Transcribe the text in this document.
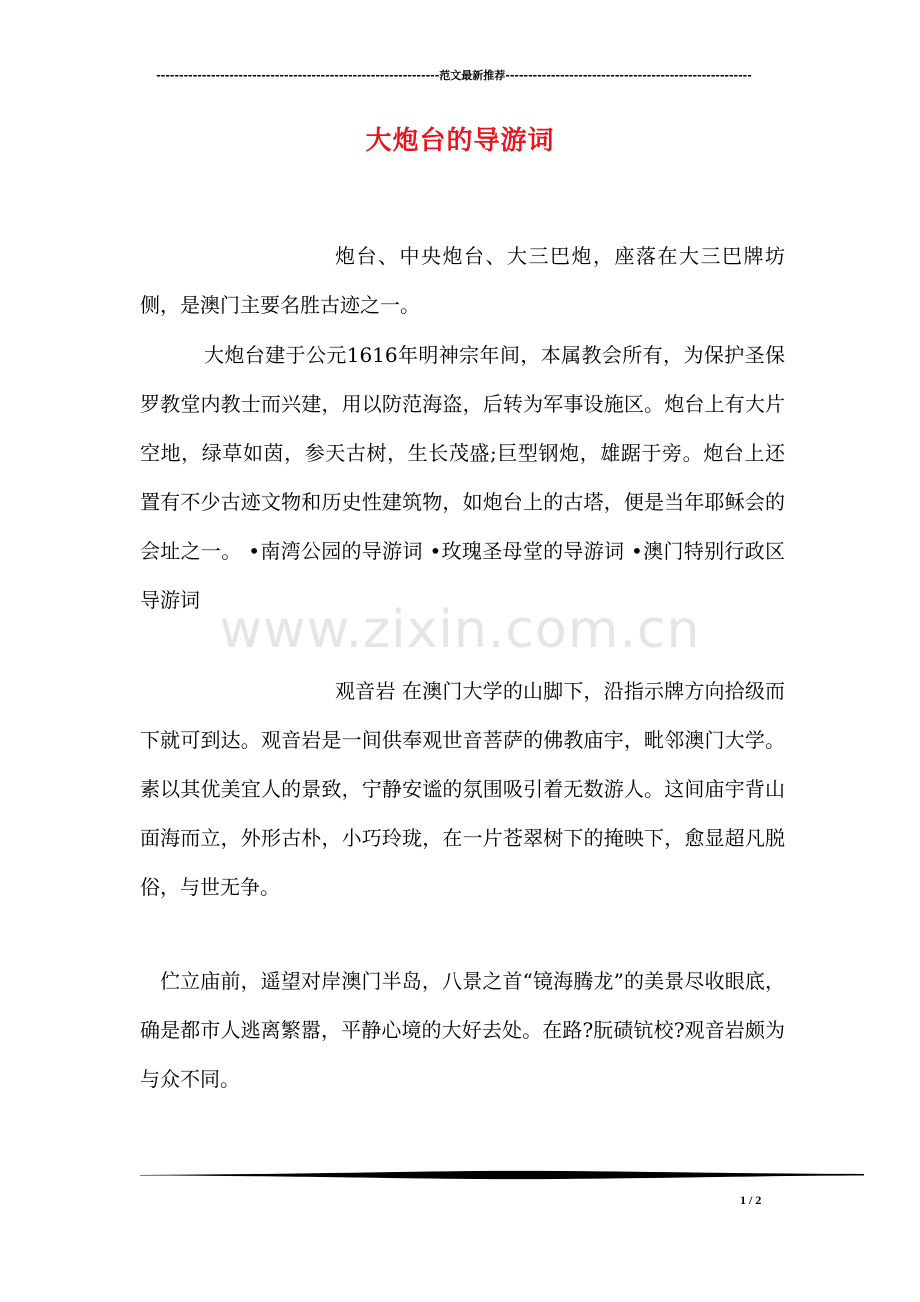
--------------------------------------------------------------范文最新推荐------------------------------------------------------
大炮台的导游词
炮台、中央炮台、大三巴炮，座落在大三巴牌坊侧，是澳门主要名胜古迹之一。
大炮台建于公元1616年明神宗年间，本属教会所有，为保护圣保罗教堂内教士而兴建，用以防范海盗，后转为军事设施区。炮台上有大片空地，绿草如茵，参天古树，生长茂盛;巨型钢炮，雄踞于旁。炮台上还置有不少古迹文物和历史性建筑物，如炮台上的古塔，便是当年耶稣会的会址之一。 •南湾公园的导游词 •玫瑰圣母堂的导游词 •澳门特别行政区导游词 www.zixin.com.cn
观音岩 在澳门大学的山脚下，沿指示牌方向拾级而下就可到达。观音岩是一间供奉观世音菩萨的佛教庙宇，毗邻澳门大学。素以其优美宜人的景致，宁静安谧的氛围吸引着无数游人。这间庙宇背山面海而立，外形古朴，小巧玲珑，在一片苍翠树下的掩映下，愈显超凡脱俗，与世无争。
伫立庙前，遥望对岸澳门半岛，八景之首“镜海腾龙”的美景尽收眼底，确是都市人逃离繁嚣，平静心境的大好去处。在路?朊碛钪校?观音岩颇为与众不同。
1 / 2
